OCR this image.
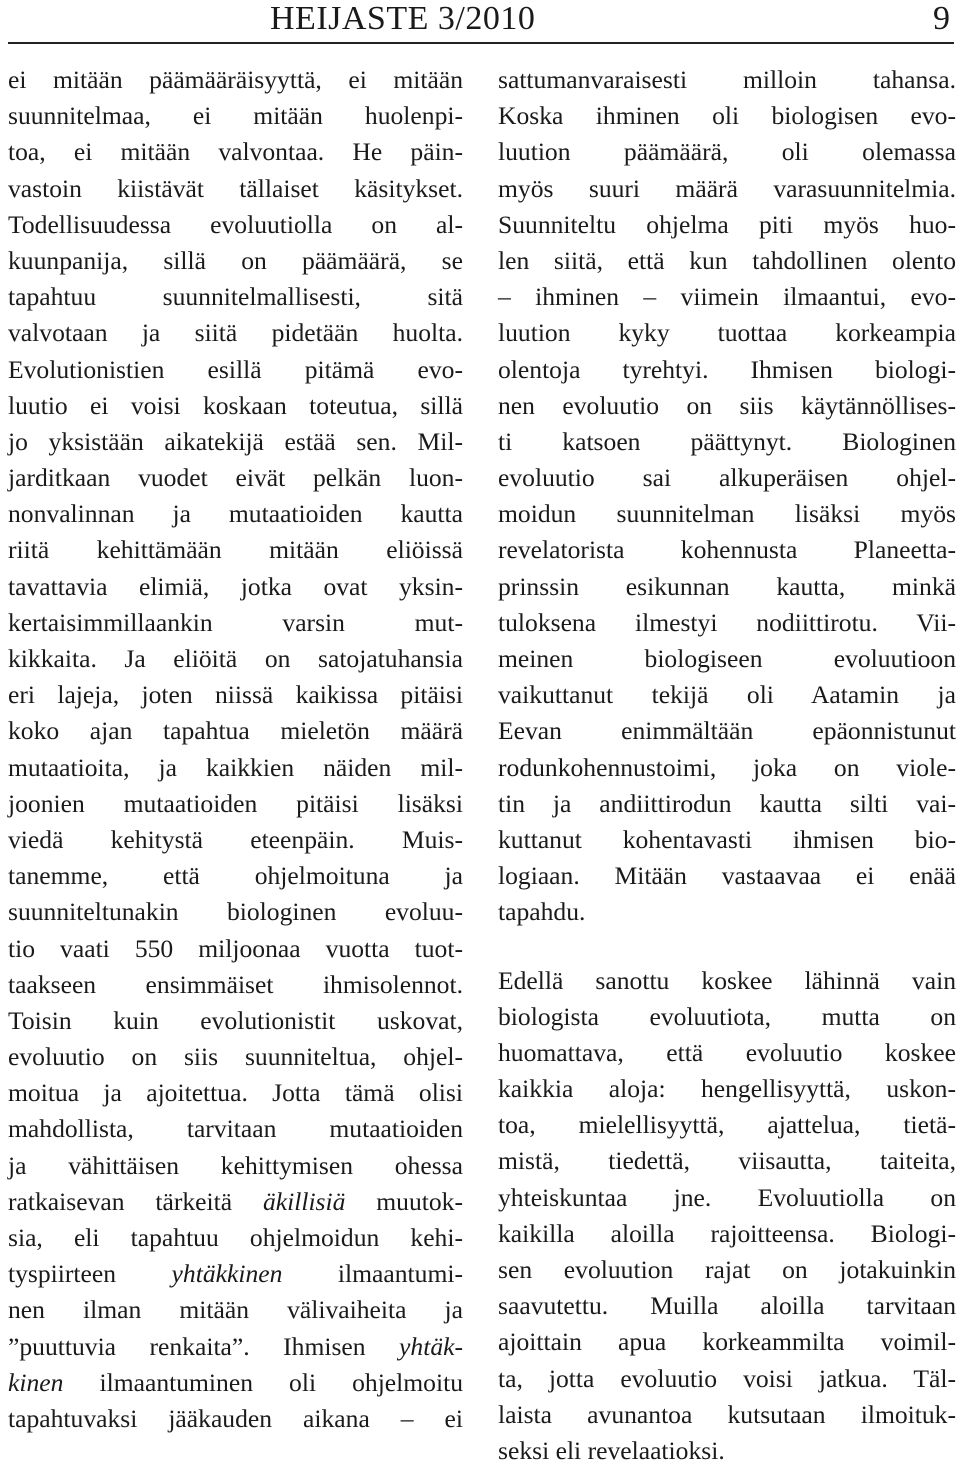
HEIJASTE 3/2010	9
ei mitään päämääräisyyttä, ei mitään
suunnitelmaa, ei mitään huolenpi-
toa, ei mitään valvontaa. He päin-
vastoin kiistävät tällaiset käsitykset.
Todellisuudessa evoluutiolla on al-
kuunpanija, sillä on päämäärä, se
tapahtuu suunnitelmallisesti, sitä
valvotaan ja siitä pidetään huolta.
Evolutionistien esillä pitämä evo-
luutio ei voisi koskaan toteutua, sillä
jo yksistään aikatekijä estää sen. Mil-
jarditkaan vuodet eivät pelkän luon-
nonvalinnan ja mutaatioiden kautta
riitä kehittämään mitään eliöissä
tavattavia elimiä, jotka ovat yksin-
kertaisimmillaankin varsin mut-
kikkaita. Ja eliöitä on satojatuhansia
eri lajeja, joten niissä kaikissa pitäisi
koko ajan tapahtua mieletön määrä
mutaatioita, ja kaikkien näiden mil-
joonien mutaatioiden pitäisi lisäksi
viedä kehitystä eteenpäin. Muis-
tanemme, että ohjelmoituna ja
suunniteltunakin biologinen evoluu-
tio vaati 550 miljoonaa vuotta tuot-
taakseen ensimmäiset ihmisolennot.
Toisin kuin evolutionistit uskovat,
evoluutio on siis suunniteltua, ohjel-
moitua ja ajoitettua. Jotta tämä olisi
mahdollista, tarvitaan mutaatioiden
ja vähittäisen kehittymisen ohessa
ratkaisevan tärkeitä äkillisiä muutok-
sia, eli tapahtuu ohjelmoidun kehi-
tyspiirteen yhtäkkinen ilmaantumi-
nen ilman mitään välivaiheita ja
”puuttuvia renkaita”. Ihmisen yhtäk-
kinen ilmaantuminen oli ohjelmoitu
tapahtuvaksi jääkauden aikana – ei
sattumanvaraisesti milloin tahansa.
Koska ihminen oli biologisen evo-
luution päämäärä, oli olemassa
myös suuri määrä varasuunnitelmia.
Suunniteltu ohjelma piti myös huo-
len siitä, että kun tahdollinen olento
– ihminen – viimein ilmaantui, evo-
luution kyky tuottaa korkeampia
olentoja tyrehtyi. Ihmisen biologi-
nen evoluutio on siis käytännöllises-
ti katsoen päättynyt. Biologinen
evoluutio sai alkuperäisen ohjel-
moidun suunnitelman lisäksi myös
revelatorista kohennusta Planeetta-
prinssin esikunnan kautta, minkä
tuloksena ilmestyi nodiittirotu. Vii-
meinen biologiseen evoluutioon
vaikuttanut tekijä oli Aatamin ja
Eevan enimmältään epäonnistunut
rodunkohennustoimi, joka on viole-
tin ja andiittirodun kautta silti vai-
kuttanut kohentavasti ihmisen bio-
logiaan. Mitään vastaavaa ei enää
tapahdu.
Edellä sanottu koskee lähinnä vain
biologista evoluutiota, mutta on
huomattava, että evoluutio koskee
kaikkia aloja: hengellisyyttä, uskon-
toa, mielellisyyttä, ajattelua, tietä-
mistä, tiedettä, viisautta, taiteita,
yhteiskuntaa jne. Evoluutiolla on
kaikilla aloilla rajoitteensa. Biologi-
sen evoluution rajat on jotakuinkin
saavutettu. Muilla aloilla tarvitaan
ajoittain apua korkeammilta voimil-
ta, jotta evoluutio voisi jatkua. Täl-
laista avunantoa kutsutaan ilmoituk-
seksi eli revelaatioksi.
